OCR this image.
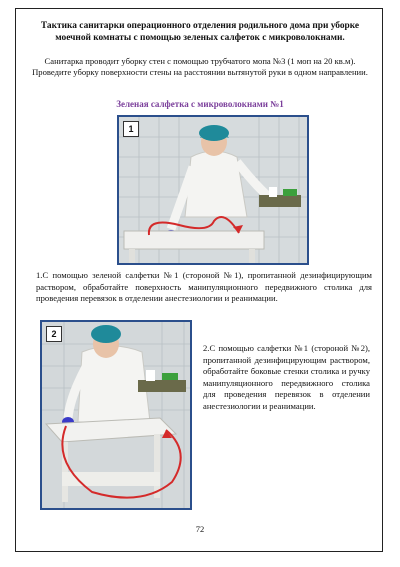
Тактика санитарки операционного отделения родильного дома при уборке моечной комнаты с помощью зеленых салфеток с микроволокнами.
Санитарка проводит уборку стен с помощью трубчатого мопа №3 (1 моп на 20 кв.м). Проведите уборку поверхности стены на расстоянии вытянутой руки в одном направлении.
Зеленая салфетка с микроволокнами №1
1
1.С помощью зеленой салфетки №1 (стороной №1), пропитанной дезинфицирующим раствором, обработайте поверхность манипуляционного передвижного столика для проведения перевязок в отделении анестезиологии и реанимации.
2
2.С помощью салфетки №1 (стороной №2), пропитанной дезинфицирующим раствором, обработайте боковые стенки столика и ручку манипуляционного передвижного столика для проведения перевязок в отделении анестезиологии и реанимации.
72
